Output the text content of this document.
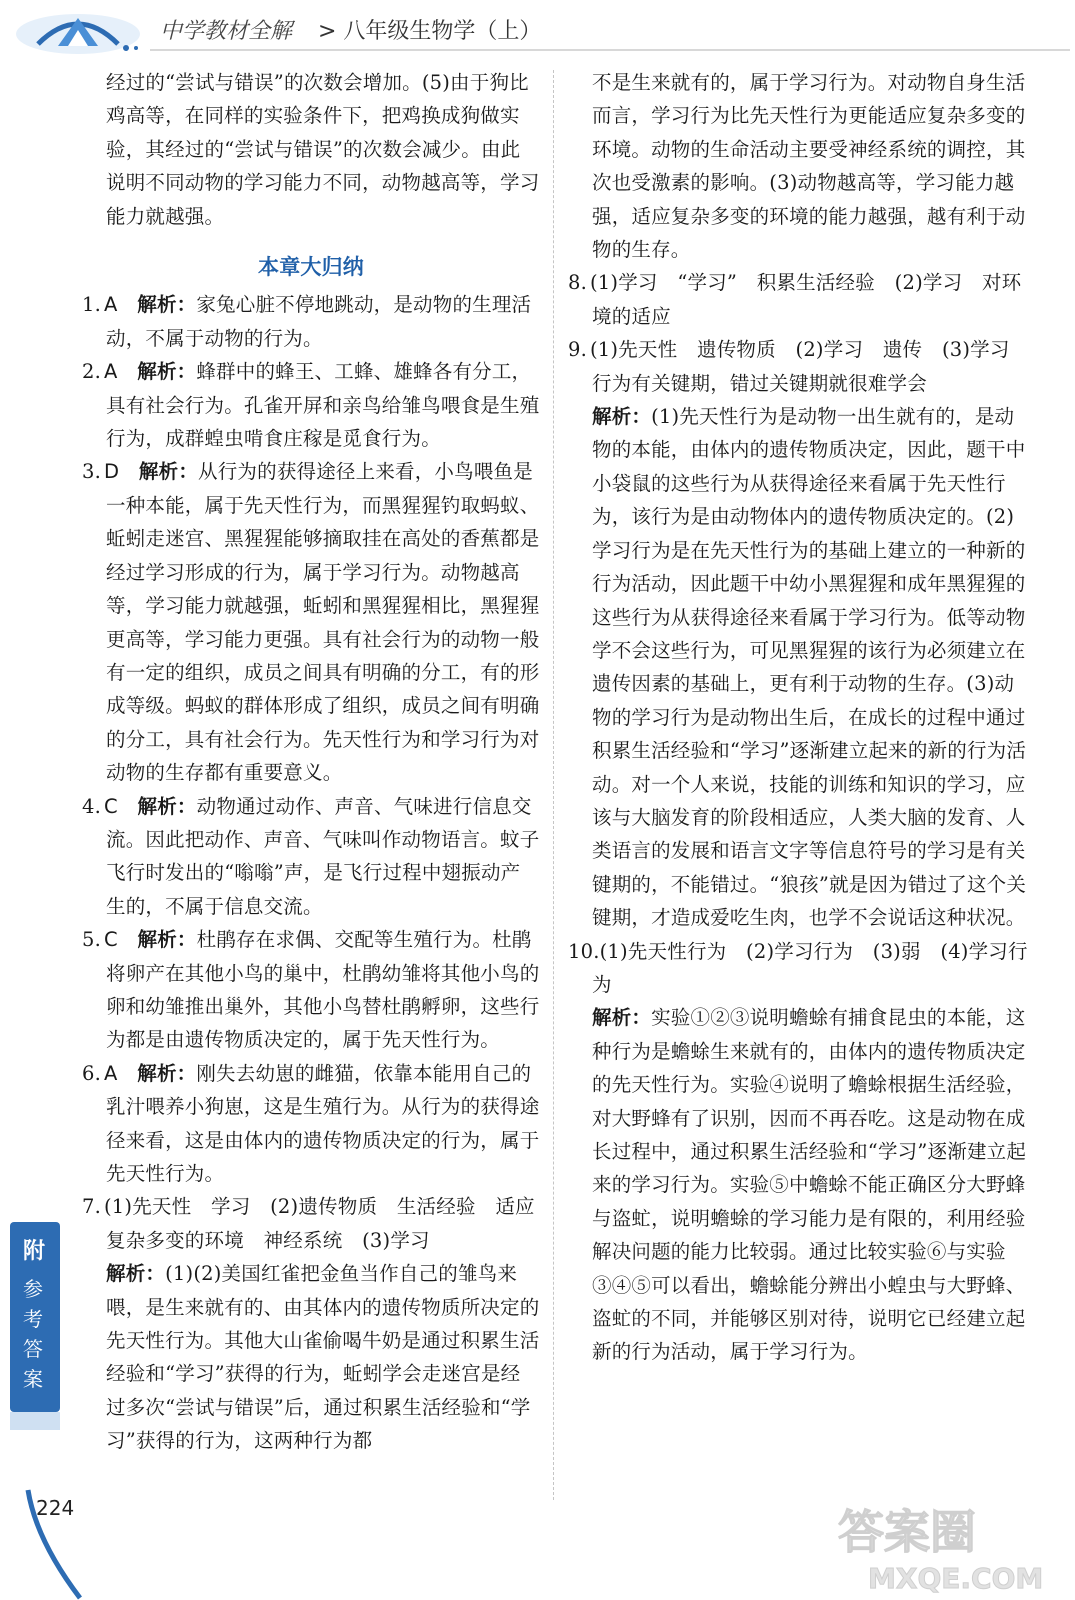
中学教材全解 > 八年级生物学（上）

经过的“尝试与错误”的次数会增加。(5)由于狗比鸡高等，在同样的实验条件下，把鸡换成狗做实验，其经过的“尝试与错误”的次数会减少。由此说明不同动物的学习能力不同，动物越高等，学习能力就越强。

本章大归纳

1. A　 解析：家兔心脏不停地跳动，是动物的生理活动，不属于动物的行为。

2. A　 解析：蜂群中的蜂王、工蜂、雄蜂各有分工，具有社会行为。孔雀开屏和亲鸟给雏鸟喂食是生殖行为，成群蝗虫啃食庄稼是觅食行为。

3. D　 解析：从行为的获得途径上来看，小鸟喂鱼是一种本能，属于先天性行为，而黑猩猩钓取蚂蚁、蚯蚓走迷宫、黑猩猩能够摘取挂在高处的香蕉都是经过学习形成的行为，属于学习行为。动物越高等，学习能力就越强，蚯蚓和黑猩猩相比，黑猩猩更高等，学习能力更强。具有社会行为的动物一般有一定的组织，成员之间具有明确的分工，有的形成等级。蚂蚁的群体形成了组织，成员之间有明确的分工，具有社会行为。先天性行为和学习行为对动物的生存都有重要意义。

4. C　 解析：动物通过动作、声音、气味进行信息交流。因此把动作、声音、气味叫作动物语言。蚊子飞行时发出的“嗡嗡”声，是飞行过程中翅振动产生的，不属于信息交流。

5. C　 解析：杜鹃存在求偶、交配等生殖行为。杜鹃将卵产在其他小鸟的巢中，杜鹃幼雏将其他小鸟的卵和幼雏推出巢外，其他小鸟替杜鹃孵卵，这些行为都是由遗传物质决定的，属于先天性行为。

6. A　 解析：刚失去幼崽的雌猫，依靠本能用自己的乳汁喂养小狗崽，这是生殖行为。从行为的获得途径来看，这是由体内的遗传物质决定的行为，属于先天性行为。

7. (1)先天性　学习　(2)遗传物质　生活经验　适应复杂多变的环境　神经系统　(3)学习

解析：(1)(2)美国红雀把金鱼当作自己的雏鸟来喂，是生来就有的、由其体内的遗传物质所决定的先天性行为。其他大山雀偷喝牛奶是通过积累生活经验和“学习”获得的行为，蚯蚓学会走迷宫是经过多次“尝试与错误”后，通过积累生活经验和“学习”获得的行为，这两种行为都

不是生来就有的，属于学习行为。对动物自身生活而言，学习行为比先天性行为更能适应复杂多变的环境。动物的生命活动主要受神经系统的调控，其次也受激素的影响。(3)动物越高等，学习能力越强，适应复杂多变的环境的能力越强，越有利于动物的生存。

8. (1)学习　“学习”　积累生活经验　(2)学习　对环境的适应

9. (1)先天性　遗传物质　(2)学习　遗传　(3)学习行为有关键期，错过关键期就很难学会

解析：(1)先天性行为是动物一出生就有的，是动物的本能，由体内的遗传物质决定，因此，题干中小袋鼠的这些行为从获得途径来看属于先天性行为，该行为是由动物体内的遗传物质决定的。(2)学习行为是在先天性行为的基础上建立的一种新的行为活动，因此题干中幼小黑猩猩和成年黑猩猩的这些行为从获得途径来看属于学习行为。低等动物学不会这些行为，可见黑猩猩的该行为必须建立在遗传因素的基础上，更有利于动物的生存。(3)动物的学习行为是动物出生后，在成长的过程中通过积累生活经验和“学习”逐渐建立起来的新的行为活动。对一个人来说，技能的训练和知识的学习，应该与大脑发育的阶段相适应，人类大脑的发育、人类语言的发展和语言文字等信息符号的学习是有关键期的，不能错过。“狼孩”就是因为错过了这个关键期，才造成爱吃生肉，也学不会说话这种状况。

10.(1)先天性行为　(2)学习行为　(3)弱　(4)学习行为

解析：实验①②③说明蟾蜍有捕食昆虫的本能，这种行为是蟾蜍生来就有的，由体内的遗传物质决定的先天性行为。实验④说明了蟾蜍根据生活经验，对大野蜂有了识别，因而不再吞吃。这是动物在成长过程中，通过积累生活经验和“学习”逐渐建立起来的学习行为。实验⑤中蟾蜍不能正确区分大野蜂与盗虻，说明蟾蜍的学习能力是有限的，利用经验解决问题的能力比较弱。通过比较实验⑥与实验③④⑤可以看出，蟾蜍能分辨出小蝗虫与大野蜂、盗虻的不同，并能够区别对待，说明它已经建立起新的行为活动，属于学习行为。

附
参考答案
224	答案圈
MXQE.COM
